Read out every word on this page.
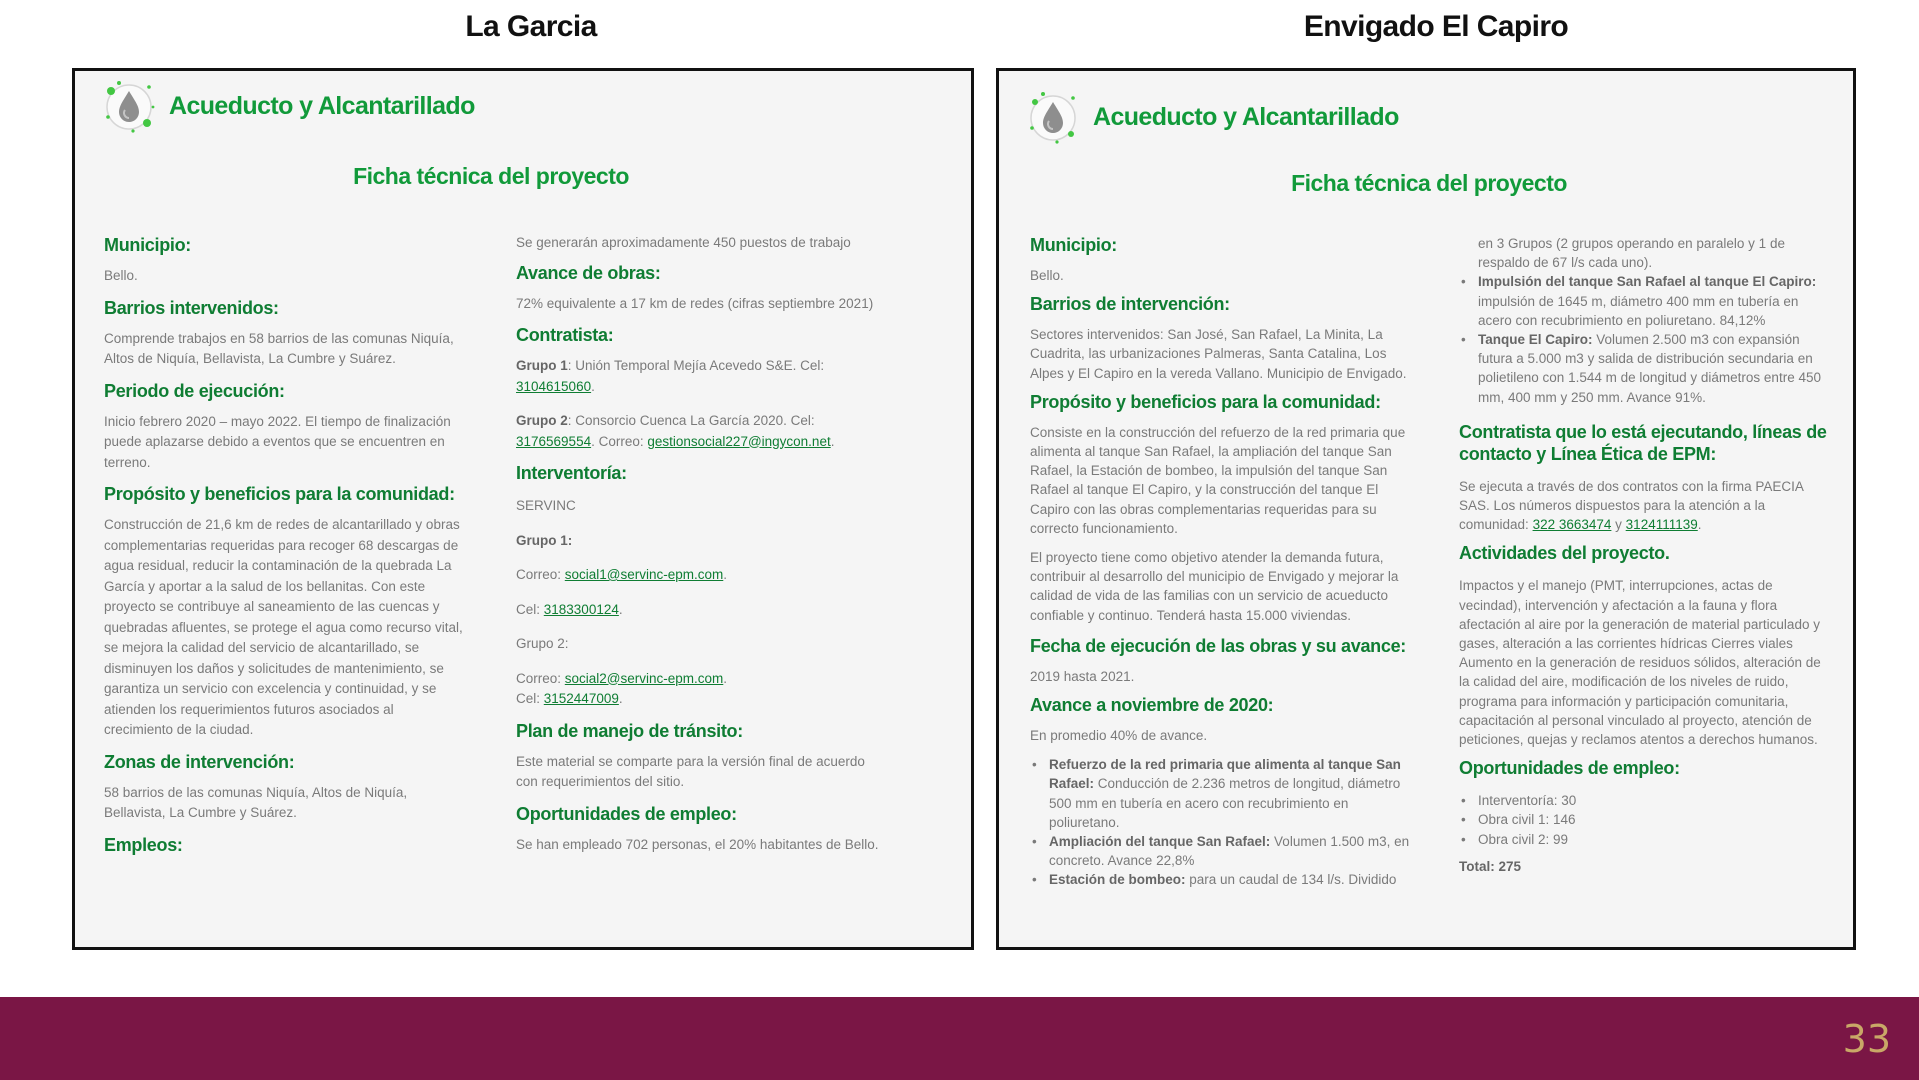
La Garcia	Envigado El Capiro
Acueducto y Alcantarillado
Ficha técnica del proyecto
Municipio:

Bello.

Barrios intervenidos:

Comprende trabajos en 58 barrios de las comunas Niquía, Altos de Niquía, Bellavista, La Cumbre y Suárez.

Periodo de ejecución:

Inicio febrero 2020 – mayo 2022. El tiempo de finalización puede aplazarse debido a eventos que se encuentren en terreno.

Propósito y beneficios para la comunidad:

Construcción de 21,6 km de redes de alcantarillado y obras complementarias requeridas para recoger 68 descargas de agua residual, reducir la contaminación de la quebrada La García y aportar a la salud de los bellanitas. Con este proyecto se contribuye al saneamiento de las cuencas y quebradas afluentes, se protege el agua como recurso vital, se mejora la calidad del servicio de alcantarillado, se disminuyen los daños y solicitudes de mantenimiento, se garantiza un servicio con excelencia y continuidad, y se atienden los requerimientos futuros asociados al crecimiento de la ciudad.

Zonas de intervención:

58 barrios de las comunas Niquía, Altos de Niquía, Bellavista, La Cumbre y Suárez.

Empleos:

Se generarán aproximadamente 450 puestos de trabajo

Avance de obras:

72% equivalente a 17 km de redes (cifras septiembre 2021)

Contratista:

Grupo 1: Unión Temporal Mejía Acevedo S&E. Cel: 3104615060.

Grupo 2: Consorcio Cuenca La García 2020. Cel: 3176569554. Correo: gestionsocial227@ingycon.net.

Interventoría:

SERVINC

Grupo 1:

Correo: social1@servinc-epm.com.

Cel: 3183300124.

Grupo 2:

Correo: social2@servinc-epm.com.

Cel: 3152447009.

Plan de manejo de tránsito:

Este material se comparte para la versión final de acuerdo con requerimientos del sitio.

Oportunidades de empleo:

Se han empleado 702 personas, el 20% habitantes de Bello.

Acueducto y Alcantarillado
Ficha técnica del proyecto
Municipio:

Bello.

Barrios de intervención:

Sectores intervenidos: San José, San Rafael, La Minita, La Cuadrita, las urbanizaciones Palmeras, Santa Catalina, Los Alpes y El Capiro en la vereda Vallano. Municipio de Envigado.

Propósito y beneficios para la comunidad:

Consiste en la construcción del refuerzo de la red primaria que alimenta al tanque San Rafael, la ampliación del tanque San Rafael, la Estación de bombeo, la impulsión del tanque San Rafael al tanque El Capiro, y la construcción del tanque El Capiro con las obras complementarias requeridas para su correcto funcionamiento.

El proyecto tiene como objetivo atender la demanda futura, contribuir al desarrollo del municipio de Envigado y mejorar la calidad de vida de las familias con un servicio de acueducto confiable y continuo. Tenderá hasta 15.000 viviendas.

Fecha de ejecución de las obras y su avance:

2019 hasta 2021.

Avance a noviembre de 2020:

En promedio 40% de avance.

• Refuerzo de la red primaria que alimenta al tanque San Rafael: Conducción de 2.236 metros de longitud, diámetro 500 mm en tubería en acero con recubrimiento en poliuretano.
• Ampliación del tanque San Rafael: Volumen 1.500 m3, en concreto. Avance 22,8%
• Estación de bombeo: para un caudal de 134 l/s. Dividido

en 3 Grupos (2 grupos operando en paralelo y 1 de respaldo de 67 l/s cada uno).

• Impulsión del tanque San Rafael al tanque El Capiro: impulsión de 1645 m, diámetro 400 mm en tubería en acero con recubrimiento en poliuretano. 84,12%
• Tanque El Capiro: Volumen 2.500 m3 con expansión futura a 5.000 m3 y salida de distribución secundaria en polietileno con 1.544 m de longitud y diámetros entre 450 mm, 400 mm y 250 mm. Avance 91%.
Contratista que lo está ejecutando, líneas de contacto y Línea Ética de EPM:

Se ejecuta a través de dos contratos con la firma PAECIA SAS. Los números dispuestos para la atención a la comunidad: 322 3663474 y 3124111139.

Actividades del proyecto.

Impactos y el manejo (PMT, interrupciones, actas de vecindad), intervención y afectación a la fauna y flora afectación al aire por la generación de material particulado y gases, alteración a las corrientes hídricas Cierres viales Aumento en la generación de residuos sólidos, alteración de la calidad del aire, modificación de los niveles de ruido, programa para información y participación comunitaria, capacitación al personal vinculado al proyecto, atención de peticiones, quejas y reclamos atentos a derechos humanos.

Oportunidades de empleo:
• Interventoría: 30
• Obra civil 1: 146
• Obra civil 2: 99

Total: 275

33
